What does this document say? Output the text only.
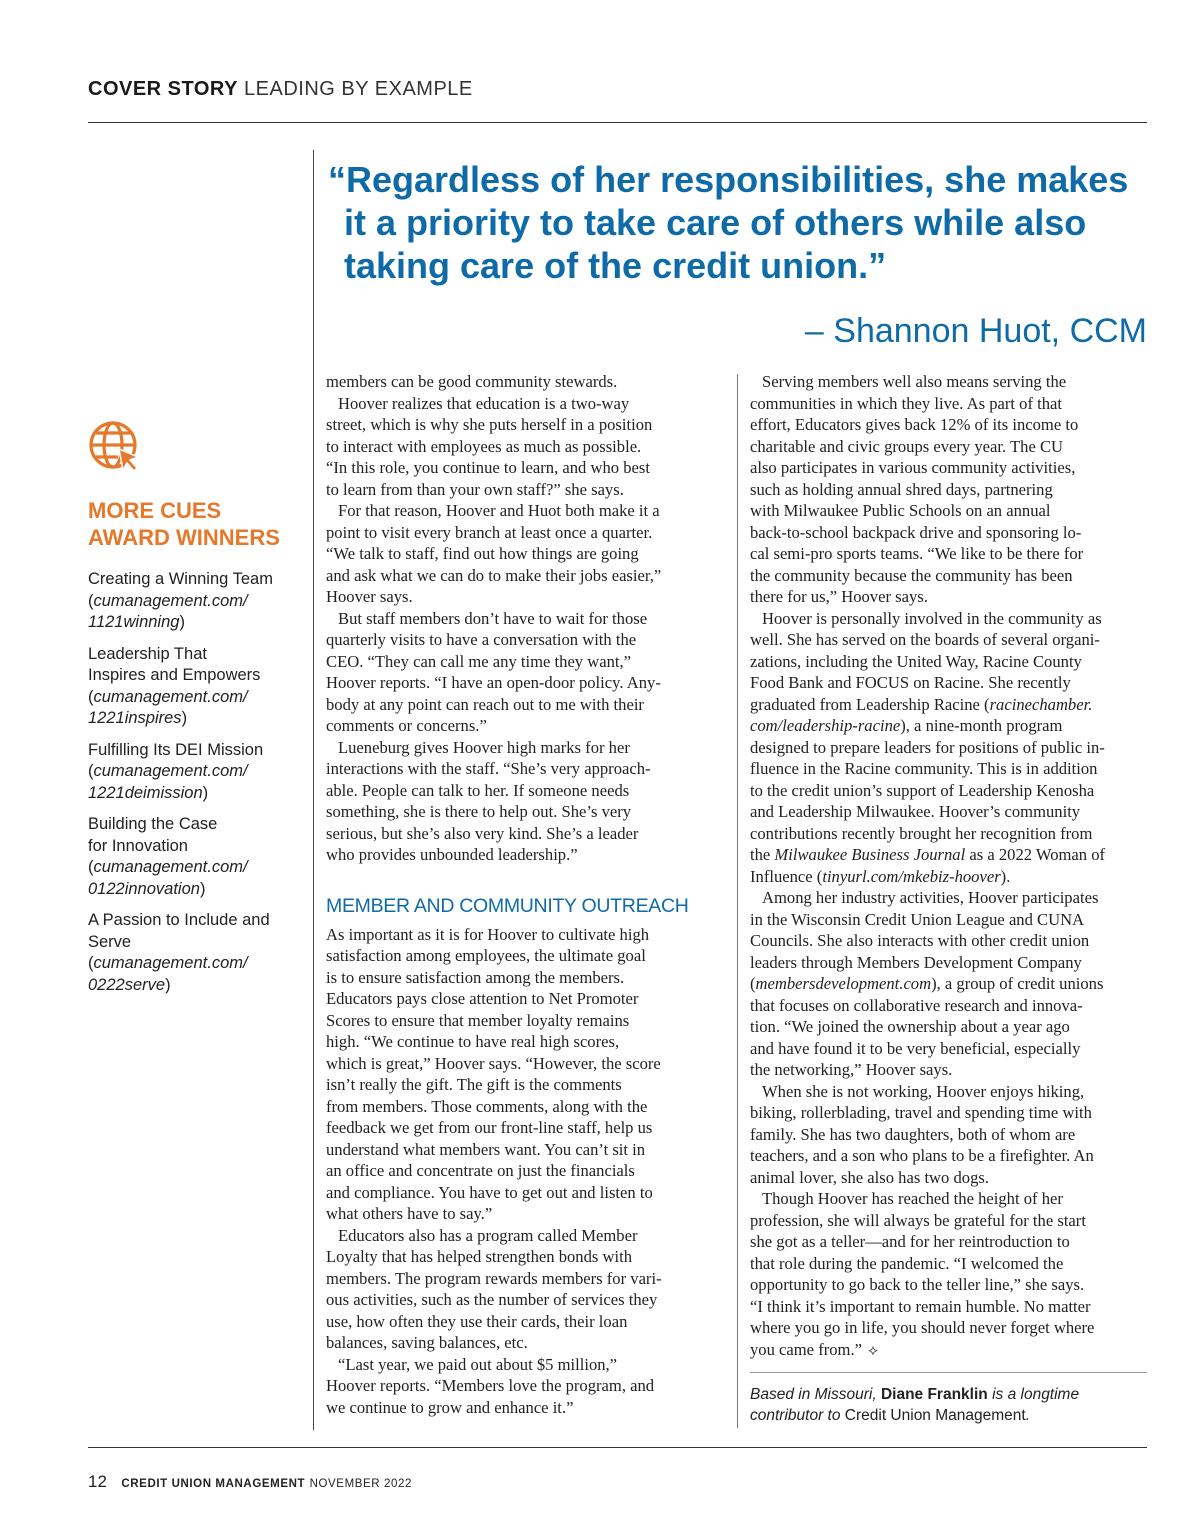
COVER STORY LEADING BY EXAMPLE
“Regardless of her responsibilities, she makes
it a priority to take care of others while also
taking care of the credit union.”
– Shannon Huot, CCM
MORE CUES
AWARD WINNERS
Creating a Winning Team
(cumanagement.com/
1121winning)
Leadership That
Inspires and Empowers
(cumanagement.com/
1221inspires)
Fulfilling Its DEI Mission
(cumanagement.com/
1221deimission)
Building the Case
for Innovation
(cumanagement.com/
0122innovation)
A Passion to Include and
Serve
(cumanagement.com/
0222serve)
members can be good community stewards.
Hoover realizes that education is a two-way
street, which is why she puts herself in a position
to interact with employees as much as possible.
“In this role, you continue to learn, and who best
to learn from than your own staff?” she says.
For that reason, Hoover and Huot both make it a
point to visit every branch at least once a quarter.
“We talk to staff, find out how things are going
and ask what we can do to make their jobs easier,”
Hoover says.
But staff members don’t have to wait for those
quarterly visits to have a conversation with the
CEO. “They can call me any time they want,”
Hoover reports. “I have an open-door policy. Any-
body at any point can reach out to me with their
comments or concerns.”
Lueneburg gives Hoover high marks for her
interactions with the staff. “She’s very approach-
able. People can talk to her. If someone needs
something, she is there to help out. She’s very
serious, but she’s also very kind. She’s a leader
who provides unbounded leadership.”
MEMBER AND COMMUNITY OUTREACH
As important as it is for Hoover to cultivate high
satisfaction among employees, the ultimate goal
is to ensure satisfaction among the members.
Educators pays close attention to Net Promoter
Scores to ensure that member loyalty remains
high. “We continue to have real high scores,
which is great,” Hoover says. “However, the score
isn’t really the gift. The gift is the comments
from members. Those comments, along with the
feedback we get from our front-line staff, help us
understand what members want. You can’t sit in
an office and concentrate on just the financials
and compliance. You have to get out and listen to
what others have to say.”
Educators also has a program called Member
Loyalty that has helped strengthen bonds with
members. The program rewards members for vari-
ous activities, such as the number of services they
use, how often they use their cards, their loan
balances, saving balances, etc.
“Last year, we paid out about $5 million,”
Hoover reports. “Members love the program, and
we continue to grow and enhance it.”
Serving members well also means serving the
communities in which they live. As part of that
effort, Educators gives back 12% of its income to
charitable and civic groups every year. The CU
also participates in various community activities,
such as holding annual shred days, partnering
with Milwaukee Public Schools on an annual
back-to-school backpack drive and sponsoring lo-
cal semi-pro sports teams. “We like to be there for
the community because the community has been
there for us,” Hoover says.
Hoover is personally involved in the community as
well. She has served on the boards of several organi-
zations, including the United Way, Racine County
Food Bank and FOCUS on Racine. She recently
graduated from Leadership Racine (racinechamber.
com/leadership-racine), a nine-month program
designed to prepare leaders for positions of public in-
fluence in the Racine community. This is in addition
to the credit union’s support of Leadership Kenosha
and Leadership Milwaukee. Hoover’s community
contributions recently brought her recognition from
the Milwaukee Business Journal as a 2022 Woman of
Influence (tinyurl.com/mkebiz-hoover).
Among her industry activities, Hoover participates
in the Wisconsin Credit Union League and CUNA
Councils. She also interacts with other credit union
leaders through Members Development Company
(membersdevelopment.com), a group of credit unions
that focuses on collaborative research and innova-
tion. “We joined the ownership about a year ago
and have found it to be very beneficial, especially
the networking,” Hoover says.
When she is not working, Hoover enjoys hiking,
biking, rollerblading, travel and spending time with
family. She has two daughters, both of whom are
teachers, and a son who plans to be a firefighter. An
animal lover, she also has two dogs.
Though Hoover has reached the height of her
profession, she will always be grateful for the start
she got as a teller—and for her reintroduction to
that role during the pandemic. “I welcomed the
opportunity to go back to the teller line,” she says.
“I think it’s important to remain humble. No matter
where you go in life, you should never forget where
you came from.” ⟡
Based in Missouri, Diane Franklin is a longtime
contributor to Credit Union Management.
12 CREDIT UNION MANAGEMENT NOVEMBER 2022
